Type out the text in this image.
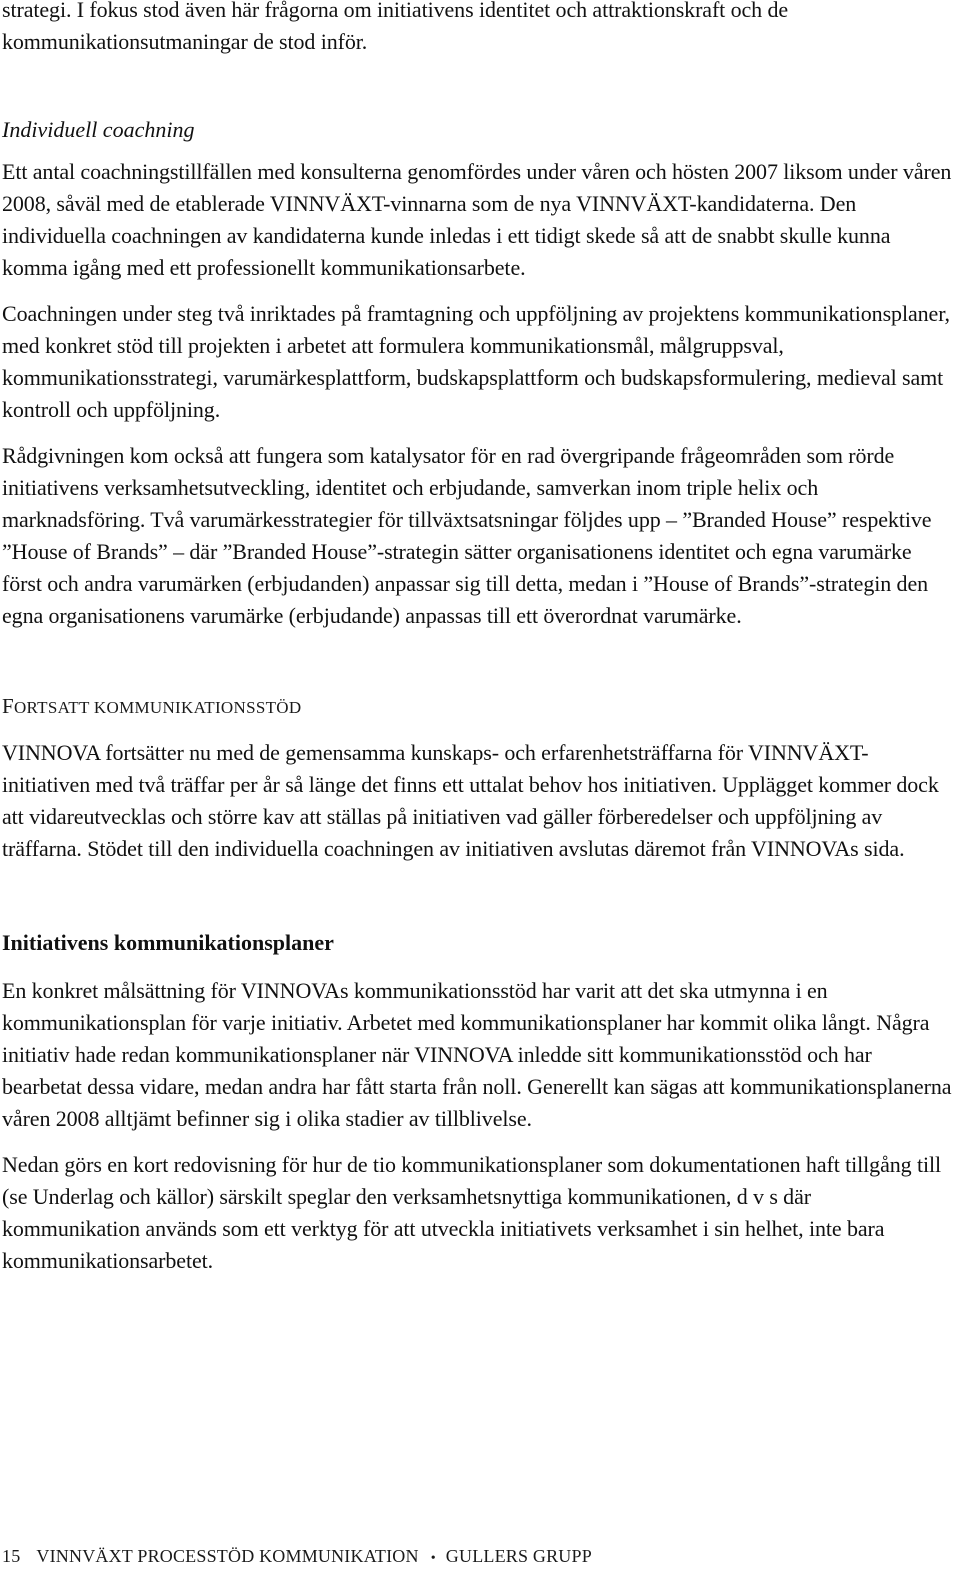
strategi. I fokus stod även här frågorna om initiativens identitet och attraktionskraft och de kommunikationsutmaningar de stod inför.

Individuell coachning

Ett antal coachningstillfällen med konsulterna genomfördes under våren och hösten 2007 liksom under våren 2008, såväl med de etablerade VINNVÄXT-vinnarna som de nya VINNVÄXT-kandidaterna. Den individuella coachningen av kandidaterna kunde inledas i ett tidigt skede så att de snabbt skulle kunna komma igång med ett professionellt kommunikationsarbete.

Coachningen under steg två inriktades på framtagning och uppföljning av projektens kommunikationsplaner, med konkret stöd till projekten i arbetet att formulera kommunikationsmål, målgruppsval, kommunikationsstrategi, varumärkesplattform, budskapsplattform och budskapsformulering, medieval samt kontroll och uppföljning.

Rådgivningen kom också att fungera som katalysator för en rad övergripande frågeområden som rörde initiativens verksamhetsutveckling, identitet och erbjudande, samverkan inom triple helix och marknadsföring. Två varumärkesstrategier för tillväxtsatsningar följdes upp – ”Branded House” respektive ”House of Brands” – där ”Branded House”-strategin sätter organisationens identitet och egna varumärke först och andra varumärken (erbjudanden) anpassar sig till detta, medan i ”House of Brands”-strategin den egna organisationens varumärke (erbjudande) anpassas till ett överordnat varumärke.

FORTSATT KOMMUNIKATIONSSTÖD

VINNOVA fortsätter nu med de gemensamma kunskaps- och erfarenhetsträffarna för VINNVÄXT-initiativen med två träffar per år så länge det finns ett uttalat behov hos initiativen. Upplägget kommer dock att vidareutvecklas och större kav att ställas på initiativen vad gäller förberedelser och uppföljning av träffarna. Stödet till den individuella coachningen av initiativen avslutas däremot från VINNOVAs sida.

Initiativens kommunikationsplaner

En konkret målsättning för VINNOVAs kommunikationsstöd har varit att det ska utmynna i en kommunikationsplan för varje initiativ. Arbetet med kommunikationsplaner har kommit olika långt. Några initiativ hade redan kommunikationsplaner när VINNOVA inledde sitt kommunikationsstöd och har bearbetat dessa vidare, medan andra har fått starta från noll. Generellt kan sägas att kommunikationsplanerna våren 2008 alltjämt befinner sig i olika stadier av tillblivelse.

Nedan görs en kort redovisning för hur de tio kommunikationsplaner som dokumentationen haft tillgång till (se Underlag och källor) särskilt speglar den verksamhetsnyttiga kommunikationen, d v s där kommunikation används som ett verktyg för att utveckla initiativets verksamhet i sin helhet, inte bara kommunikationsarbetet.

15 VINNVÄXT PROCESSTÖD KOMMUNIKATION • GULLERS GRUPP
